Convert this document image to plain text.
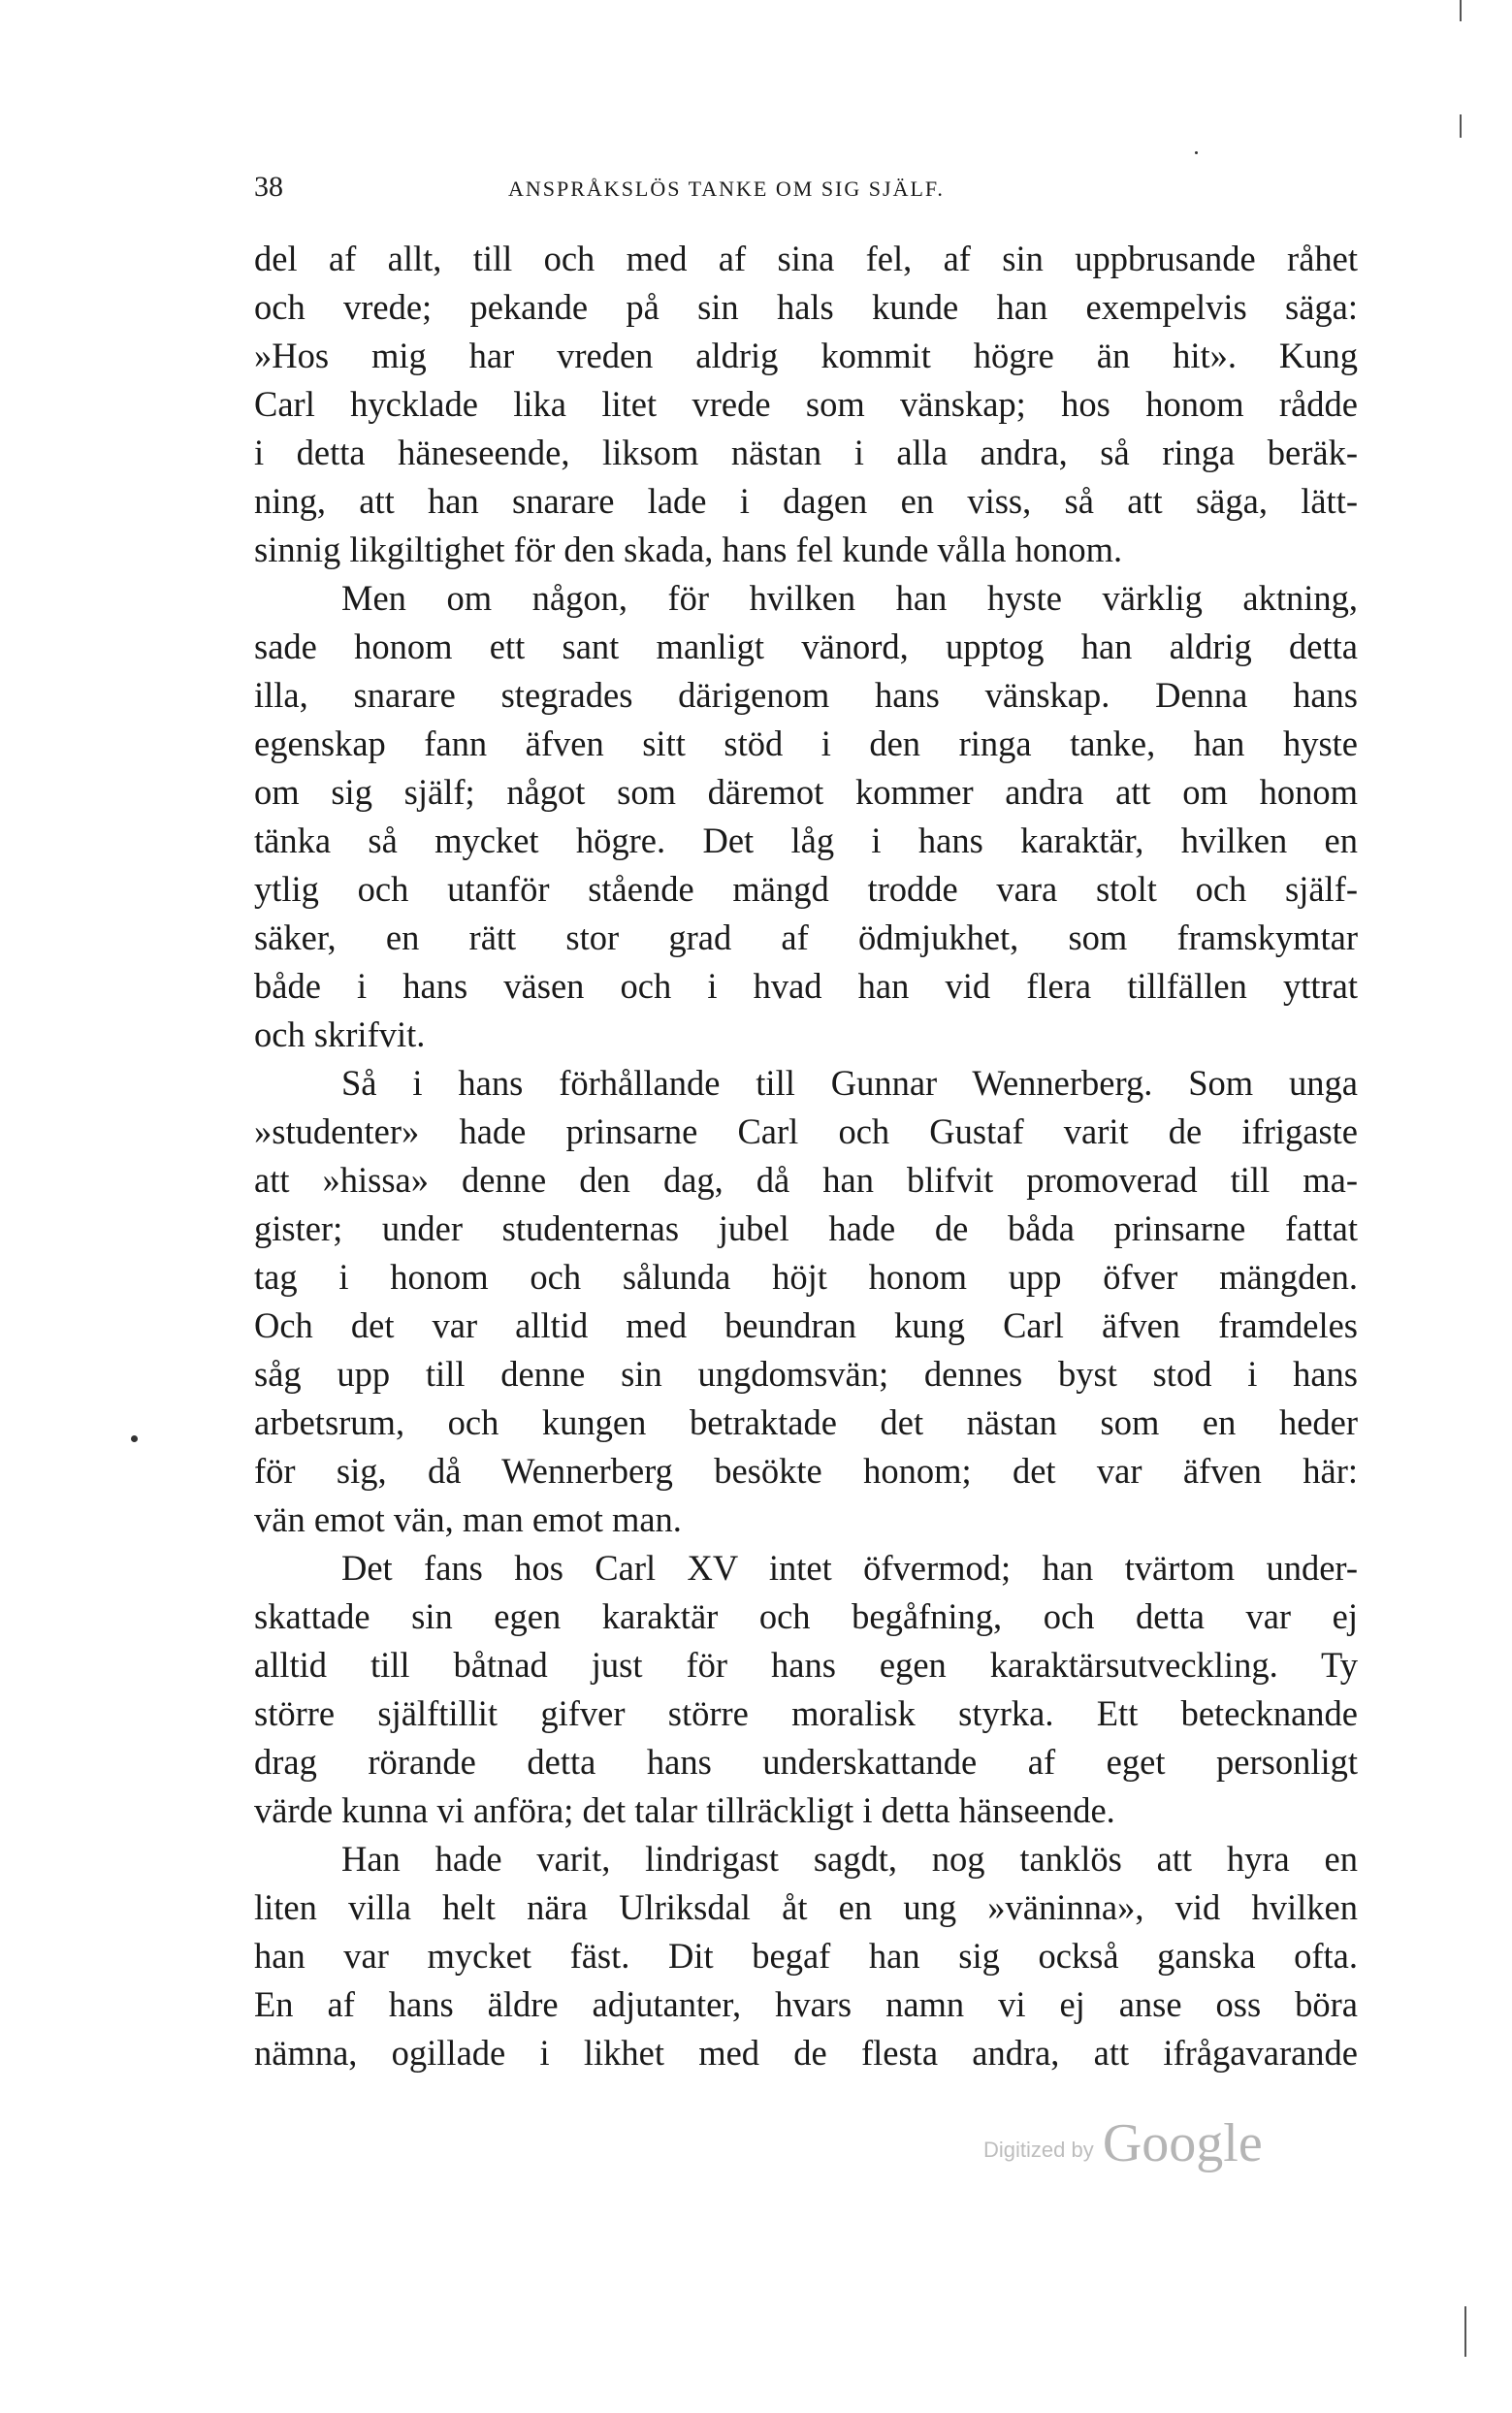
38	ANSPRÅKSLÖS TANKE OM SIG SJÄLF.
del af allt, till och med af sina fel, af sin uppbrusande råhet
och vrede; pekande på sin hals kunde han exempelvis säga:
»Hos mig har vreden aldrig kommit högre än hit». Kung
Carl hycklade lika litet vrede som vänskap; hos honom rådde
i detta häneseende, liksom nästan i alla andra, så ringa beräk-
ning, att han snarare lade i dagen en viss, så att säga, lätt-
sinnig likgiltighet för den skada, hans fel kunde vålla honom.
Men om någon, för hvilken han hyste värklig aktning,
sade honom ett sant manligt vänord, upptog han aldrig detta
illa, snarare stegrades därigenom hans vänskap. Denna hans
egenskap fann äfven sitt stöd i den ringa tanke, han hyste
om sig själf; något som däremot kommer andra att om honom
tänka så mycket högre. Det låg i hans karaktär, hvilken en
ytlig och utanför stående mängd trodde vara stolt och själf-
säker, en rätt stor grad af ödmjukhet, som framskymtar
både i hans väsen och i hvad han vid flera tillfällen yttrat
och skrifvit.
Så i hans förhållande till Gunnar Wennerberg. Som unga
»studenter» hade prinsarne Carl och Gustaf varit de ifrigaste
att »hissa» denne den dag, då han blifvit promoverad till ma-
gister; under studenternas jubel hade de båda prinsarne fattat
tag i honom och sålunda höjt honom upp öfver mängden.
Och det var alltid med beundran kung Carl äfven framdeles
såg upp till denne sin ungdomsvän; dennes byst stod i hans
arbetsrum, och kungen betraktade det nästan som en heder
för sig, då Wennerberg besökte honom; det var äfven här:
vän emot vän, man emot man.
Det fans hos Carl XV intet öfvermod; han tvärtom under-
skattade sin egen karaktär och begåfning, och detta var ej
alltid till båtnad just för hans egen karaktärsutveckling. Ty
större själftillit gifver större moralisk styrka. Ett betecknande
drag rörande detta hans underskattande af eget personligt
värde kunna vi anföra; det talar tillräckligt i detta hänseende.
Han hade varit, lindrigast sagdt, nog tanklös att hyra en
liten villa helt nära Ulriksdal åt en ung »väninna», vid hvilken
han var mycket fäst. Dit begaf han sig också ganska ofta.
En af hans äldre adjutanter, hvars namn vi ej anse oss böra
nämna, ogillade i likhet med de flesta andra, att ifrågavarande
Digitized by Google
